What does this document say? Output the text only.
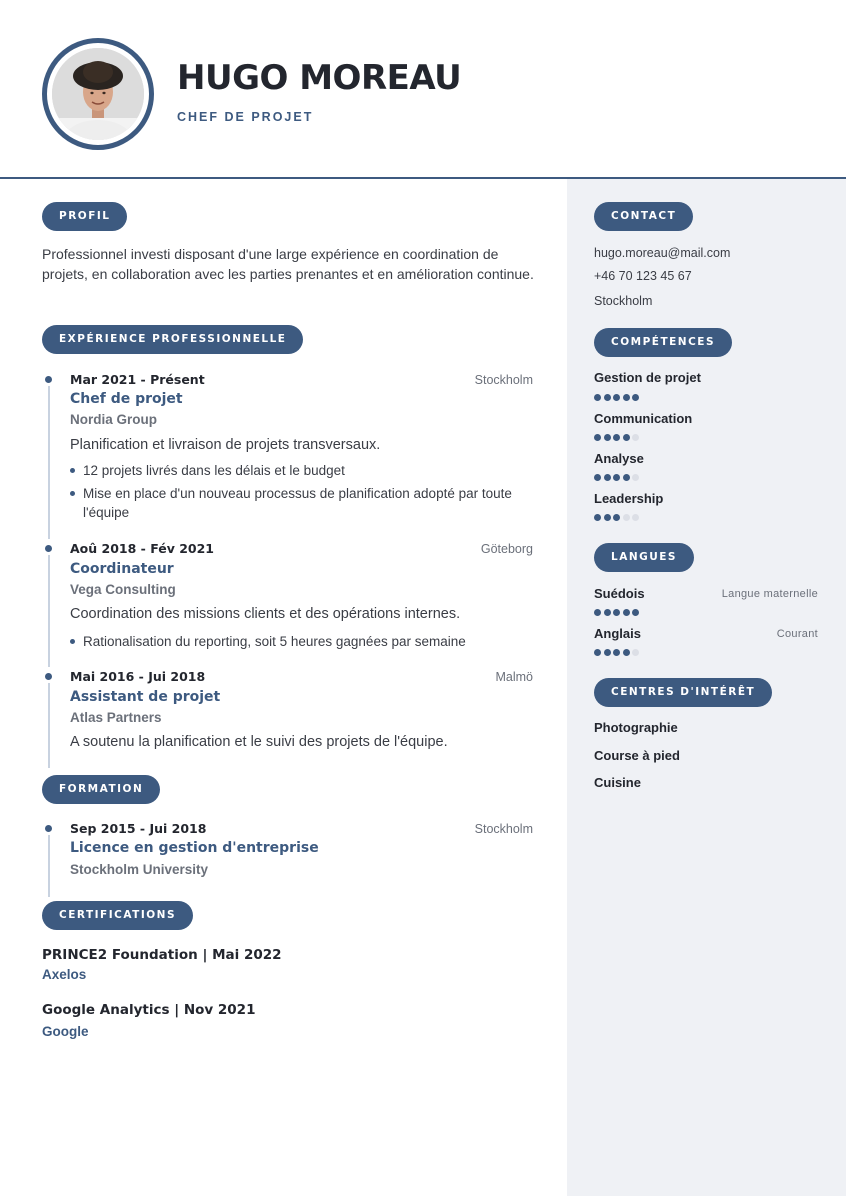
HUGO MOREAU
CHEF DE PROJET
PROFIL
Professionnel investi disposant d'une large expérience en coordination de projets, en collaboration avec les parties prenantes et en amélioration continue.
EXPÉRIENCE PROFESSIONNELLE
Mar 2021 - Présent	Stockholm
Chef de projet
Nordia Group
Planification et livraison de projets transversaux.
12 projets livrés dans les délais et le budget
Mise en place d'un nouveau processus de planification adopté par toute l'équipe
Aoû 2018 - Fév 2021	Göteborg
Coordinateur
Vega Consulting
Coordination des missions clients et des opérations internes.
Rationalisation du reporting, soit 5 heures gagnées par semaine
Mai 2016 - Jui 2018	Malmö
Assistant de projet
Atlas Partners
A soutenu la planification et le suivi des projets de l'équipe.
FORMATION
Sep 2015 - Jui 2018	Stockholm
Licence en gestion d'entreprise
Stockholm University
CERTIFICATIONS
PRINCE2 Foundation | Mai 2022
Axelos
Google Analytics | Nov 2021
Google
CONTACT
hugo.moreau@mail.com
+46 70 123 45 67
Stockholm
COMPÉTENCES
Gestion de projet
Communication
Analyse
Leadership
LANGUES
Suédois	Langue maternelle
Anglais	Courant
CENTRES D'INTÉRÊT
Photographie
Course à pied
Cuisine
